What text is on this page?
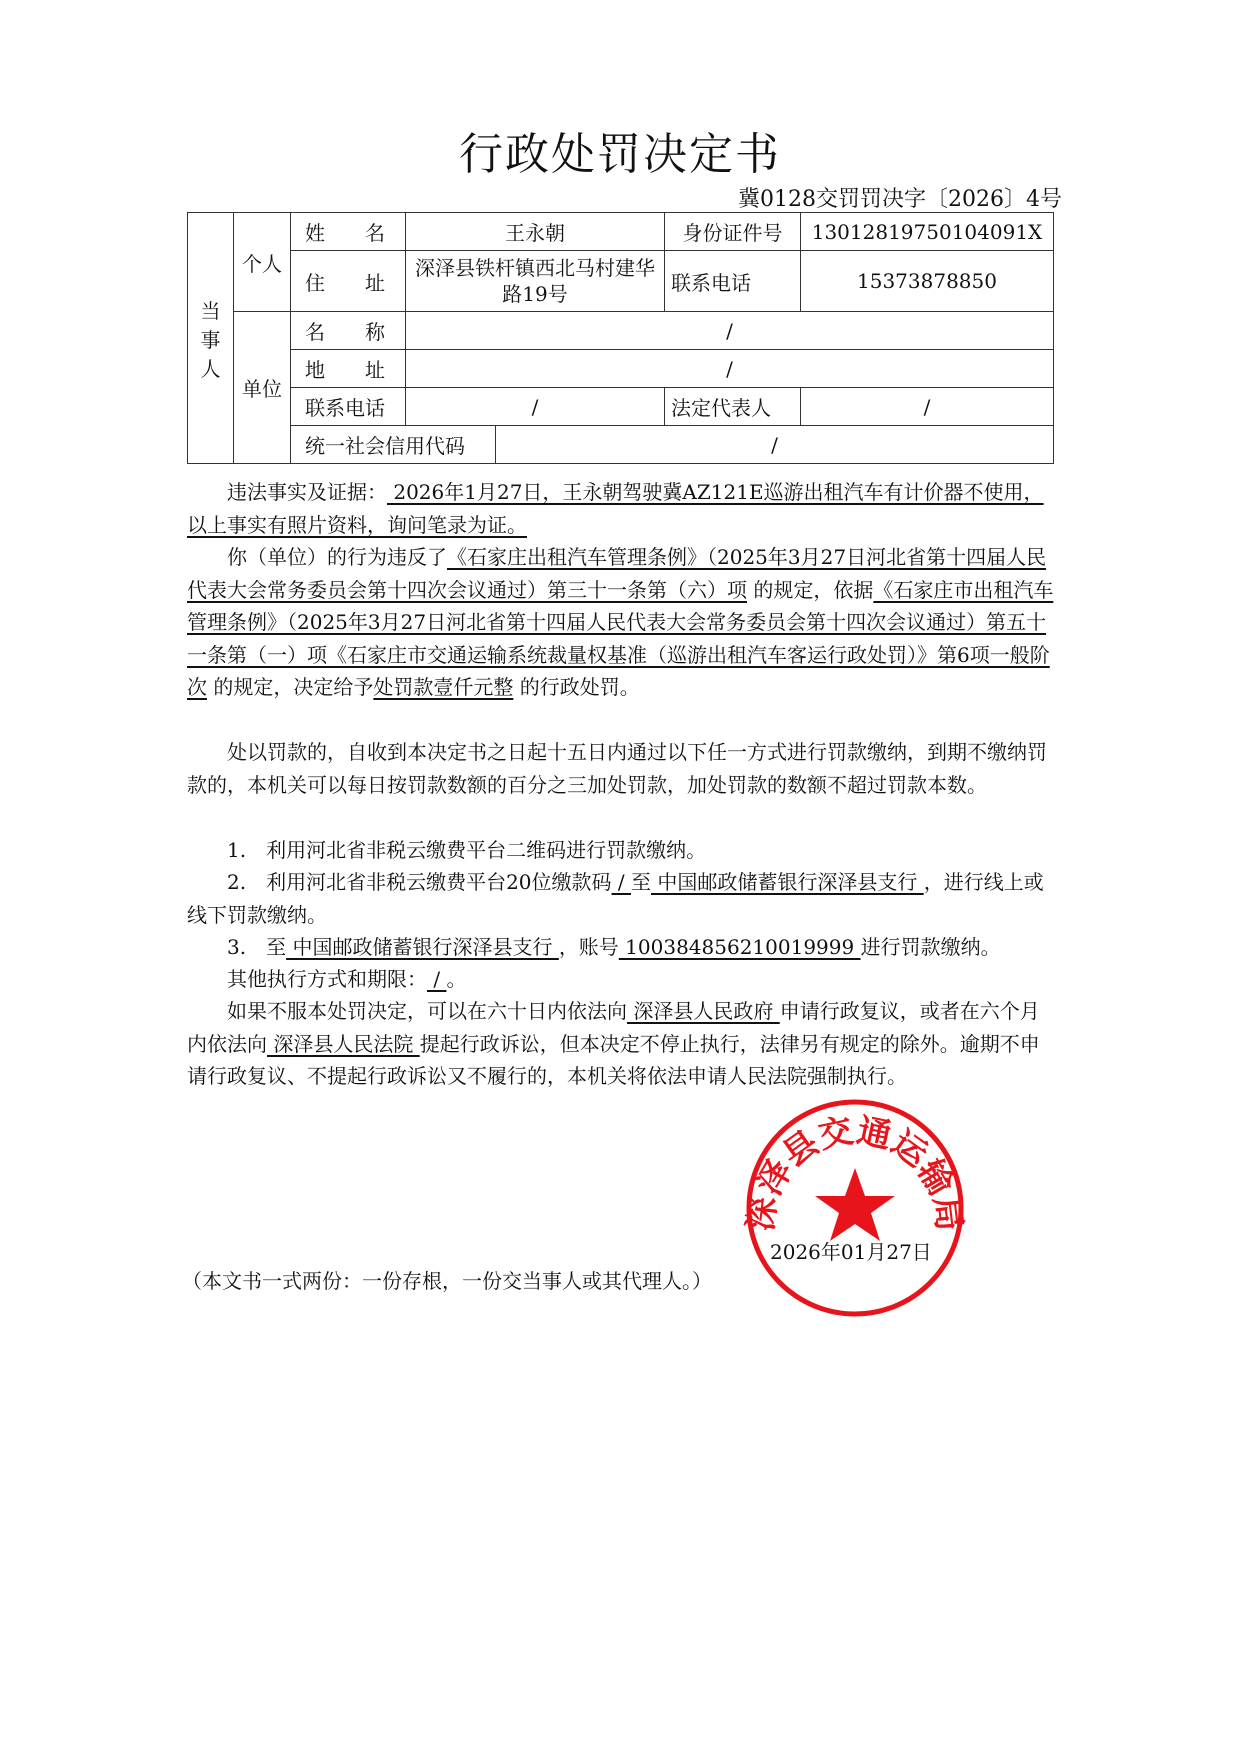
行政处罚决定书
冀0128交罚罚决字〔2026〕4号
当事人	个人	姓　　名	王永朝		身份证件号	13012819750104091X
		住　　址	深泽县铁杆镇西北马村建华路19号		联系电话	15373878850
	单位	名　　称	/			
		地　　址	/			
		联系电话	/		法定代表人	/
		统一社会信用代码		/		

违法事实及证据： 2026年1月27日，王永朝驾驶冀AZ121E巡游出租汽车有计价器不使用，以上事实有照片资料，询问笔录为证。

你（单位）的行为违反了《石家庄出租汽车管理条例》（2025年3月27日河北省第十四届人民代表大会常务委员会第十四次会议通过）第三十一条第（六）项 的规定，依据《石家庄市出租汽车管理条例》（2025年3月27日河北省第十四届人民代表大会常务委员会第十四次会议通过）第五十一条第（一）项《石家庄市交通运输系统裁量权基准（巡游出租汽车客运行政处罚）》第6项一般阶次 的规定，决定给予处罚款壹仟元整 的行政处罚。

处以罚款的，自收到本决定书之日起十五日内通过以下任一方式进行罚款缴纳，到期不缴纳罚款的，本机关可以每日按罚款数额的百分之三加处罚款，加处罚款的数额不超过罚款本数。

1.　利用河北省非税云缴费平台二维码进行罚款缴纳。

2.　利用河北省非税云缴费平台20位缴款码 / 至 中国邮政储蓄银行深泽县支行 ，进行线上或线下罚款缴纳。

3.　至 中国邮政储蓄银行深泽县支行 ，账号 100384856210019999 进行罚款缴纳。

其他执行方式和期限： / 。

如果不服本处罚决定，可以在六十日内依法向 深泽县人民政府 申请行政复议，或者在六个月内依法向 深泽县人民法院 提起行政诉讼，但本决定不停止执行，法律另有规定的除外。逾期不申请行政复议、不提起行政诉讼又不履行的，本机关将依法申请人民法院强制执行。

深泽县交通运输局
2026年01月27日
（本文书一式两份：一份存根，一份交当事人或其代理人。）
